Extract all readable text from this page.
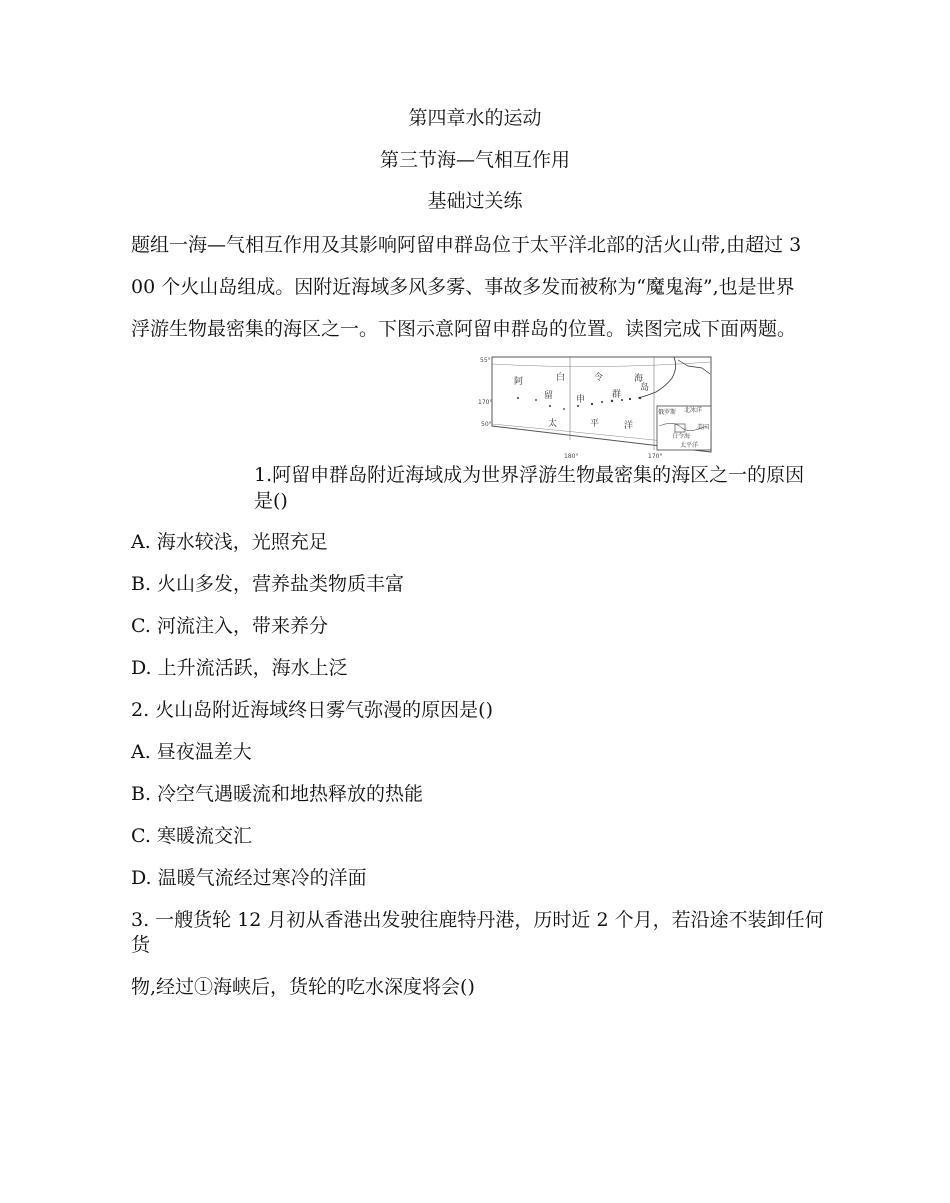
第四章水的运动
第三节海—气相互作用
基础过关练
题组一海—气相互作用及其影响阿留申群岛位于太平洋北部的活火山带,由超过 3
00 个火山岛组成。因附近海域多风多雾、事故多发而被称为“魔鬼海”,也是世界
浮游生物最密集的海区之一。下图示意阿留申群岛的位置。读图完成下面两题。
55°
170°
50°
180°	170°
阿	白	令	海
留	申	群
岛
太	平	洋
俄罗斯 北冰洋
美国
白令海
太平洋
1.阿留申群岛附近海域成为世界浮游生物最密集的海区之一的原因是()
A. 海水较浅，光照充足
B. 火山多发，营养盐类物质丰富
C. 河流注入，带来养分
D. 上升流活跃，海水上泛
2. 火山岛附近海域终日雾气弥漫的原因是()
A. 昼夜温差大
B. 冷空气遇暖流和地热释放的热能
C. 寒暖流交汇
D. 温暖气流经过寒冷的洋面
3. 一艘货轮 12 月初从香港出发驶往鹿特丹港，历时近 2 个月，若沿途不装卸任何
货
物,经过①海峡后，货轮的吃水深度将会()
